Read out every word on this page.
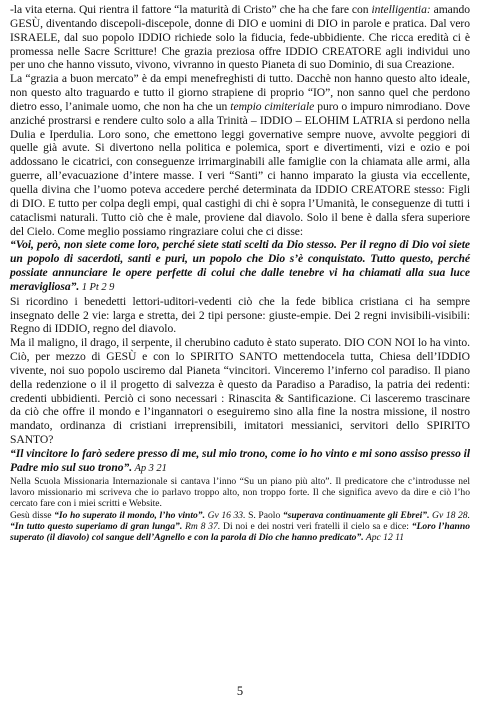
-la vita eterna. Qui rientra il fattore “la maturità di Cristo” che ha che fare con intelligentia: amando GESÙ, diventando discepoli-discepole, donne di DIO e uomini di DIO in parole e pratica. Dal vero ISRAELE, dal suo popolo IDDIO richiede solo la fiducia, fede-ubbidiente. Che ricca eredità ci è promessa nelle Sacre Scritture! Che grazia preziosa offre IDDIO CREATORE agli individui uno per uno che hanno vissuto, vivono, vivranno in questo Pianeta di suo Dominio, di sua Creazione.

La “grazia a buon mercato” è da empi menefreghisti di tutto. Dacchè non hanno questo alto ideale, non questo alto traguardo e tutto il giorno strapiene di proprio “IO”, non sanno quel che perdono dietro esso, l’animale uomo, che non ha che un tempio cimiteriale puro o impuro nimrodiano. Dove anziché prostrarsi e rendere culto solo a alla Trinità – IDDIO – ELOHIM LATRIA si perdono nella Dulia e Iperdulia. Loro sono, che emettono leggi governative sempre nuove, avvolte peggiori di quelle già avute. Si divertono nella politica e polemica, sport e divertimenti, vizi e ozio e poi addossano le cicatrici, con conseguenze irrimarginabili alle famiglie con la chiamata alle armi, alla guerre, all’evacuazione d’intere masse. I veri “Santi” ci hanno imparato la giusta via eccellente, quella divina che l’uomo poteva accedere perché determinata da IDDIO CREATORE stesso: Figli di DIO. E tutto per colpa degli empi, qual castighi di chi è sopra l’Umanità, le conseguenze di tutti i cataclismi naturali. Tutto ciò che è male, proviene dal diavolo. Solo il bene è dalla sfera superiore del Cielo. Come meglio possiamo ringraziare colui che ci disse:

“Voi, però, non siete come loro, perché siete stati scelti da Dio stesso. Per il regno di Dio voi siete un popolo di sacerdoti, santi e puri, un popolo che Dio s’è conquistato. Tutto questo, perché possiate annunciare le opere perfette di colui che dalle tenebre vi ha chiamati alla sua luce meravigliosa”. 1 Pt 2 9

Si ricordino i benedetti lettori-uditori-vedenti ciò che la fede biblica cristiana ci ha sempre insegnato delle 2 vie: larga e stretta, dei 2 tipi persone: giuste-empie. Dei 2 regni invisibili-visibili: Regno di IDDIO, regno del diavolo.

Ma il maligno, il drago, il serpente, il cherubino caduto è stato superato. DIO CON NOI lo ha vinto. Ciò, per mezzo di GESÙ e con lo SPIRITO SANTO mettendocela tutta, Chiesa dell’IDDIO vivente, noi suo popolo usciremo dal Pianeta “vincitori. Vinceremo l’inferno col paradiso. Il piano della redenzione o il il progetto di salvezza è questo da Paradiso a Paradiso, la patria dei redenti: credenti ubbidienti. Perciò ci sono necessari : Rinascita & Santificazione. Ci lasceremo trascinare da ciò che offre il mondo e l’ingannatori o eseguiremo sino alla fine la nostra missione, il nostro mandato, ordinanza di cristiani irreprensibili, imitatori messianici, servitori dello SPIRITO SANTO?

“Il vincitore lo farò sedere presso di me, sul mio trono, come io ho vinto e mi sono assiso presso il Padre mio sul suo trono”. Ap 3 21

Nella Scuola Missionaria Internazionale si cantava l’inno “Su un piano più alto”. Il predicatore che c’introdusse nel lavoro missionario mi scriveva che io parlavo troppo alto, non troppo forte. Il che significa avevo da dire e ciò l’ho cercato fare con i miei scritti e Website.

Gesù disse “Io ho superato il mondo, l’ho vinto”. Gv 16 33. S. Paolo “superava continuamente gli Ebrei”. Gv 18 28. “In tutto questo superiamo di gran lunga”. Rm 8 37. Di noi e dei nostri veri fratelli il cielo sa e dice: “Loro l’hanno superato (il diavolo) col sangue dell’Agnello e con la parola di Dio che hanno predicato”. Apc 12 11

5
